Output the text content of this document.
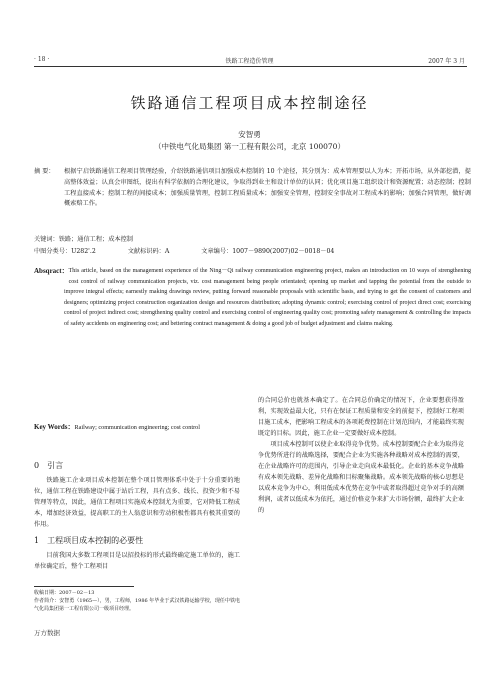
· 18 ·	铁路工程造价管理	2007 年 3 月
铁路通信工程项目成本控制途径
安智勇
（中铁电气化局集团 第一工程有限公司，北京 100070）
摘 要： 根据宁启铁路通信工程项目管理经验，介绍铁路通信项目加强成本控制的 10 个途径，其分别为：成本管理要以人为本；开拓市场，从外部挖潜，提高整体效益；认真会审图纸，提出有科学依据的合理化建议，争取得到业主和设计单位的认同；优化项目施工组织设计和资源配置；动态控制；控制工程直接成本；控制工程的间接成本；加强质量管理，控制工程质量成本；加强安全管理，控制安全事故对工程成本的影响；加强合同管理，做好调概索赔工作。
关键词：铁路；通信工程；成本控制
中图分类号：U282'.2	文献标识码：A	文章编号：1007－9890(2007)02－0018－04
Absqract： This article, based on the management experience of the Ning－Qi railway communication engineering project, makes an introduction on 10 ways of strengthening cost control of railway communication projects, viz. cost management being people orientated; opening up market and tapping the potential from the outside to improve integral effects; earnestly making drawings review, putting forward reasonable proposals with scientific basis, and trying to get the consent of customers and designers; optimizing project construction organization design and resources distribution; adopting dynamic control; exercising control of project direct cost; exercising control of project indirect cost; strengthening quality control and exercising control of engineering quality cost; promoting safety management & controlling the impacts of safety accidents on engineering cost; and bettering contract management & doing a good job of budget adjustment and claims making.
Key Words：Railway; communication engineering; cost control
0　引言

铁路施工企业项目成本控制在整个项目管理体系中处于十分重要的地位，通信工程在铁路建设中属于站后工程，具有点多、线长、投资少和不易管理等特点，因此，通信工程项目实施成本控制尤为重要，它对降低工程成本，增加经济效益，提高职工的主人翁意识和劳动积极性都具有极其重要的作用。

1　工程项目成本控制的必要性

目前我国大多数工程项目是以招投标的形式最终确定施工单位的，施工单位确定后，整个工程项目

收稿日期：2007－02－13
作者简介：安智勇（1965—），男，工程师，1986 年毕业于武汉铁路运输学校，现任中铁电气化局集团第一工程有限公司一级项目经理。

的合同总价也就基本确定了。在合同总价确定的情况下，企业要想获得盈利，实现效益最大化，只有在保证工程质量和安全的前提下，控制好工程项目施工成本，把影响工程成本的各项耗费控制在计划范围内，才能最终实现既定的目标。因此，施工企业一定要做好成本控制。

项目成本控制可以使企业取得竞争优势。成本控制要配合企业为取得竞争优势所进行的战略选择，要配合企业为实施各种战略对成本控制的需要，在企业战略许可的范围内，引导企业走向成本最低化。企业的基本竞争战略有成本领先战略、差异化战略和目标聚集战略。成本领先战略的核心思想是以成本竞争为中心，利用低成本优势在竞争中或者取得超过竞争对手的高额利润，或者以低成本为依托，通过价格竞争来扩大市场份额，最终扩大企业的

万方数据
